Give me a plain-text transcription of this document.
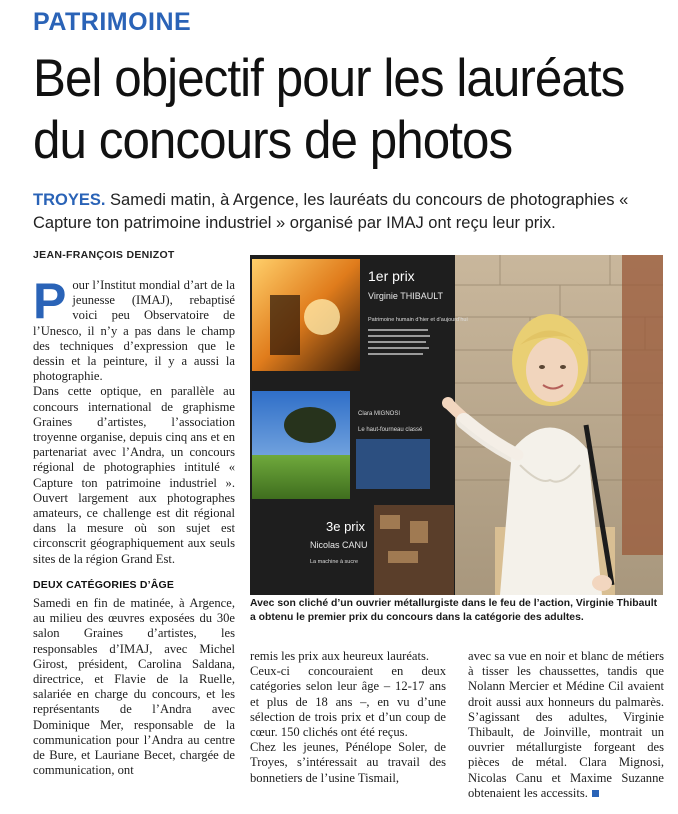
PATRIMOINE
Bel objectif pour les lauréats
du concours de photos
TROYES. Samedi matin, à Argence, les lauréats du concours de photographies « Capture ton patrimoine industriel » organisé par IMAJ ont reçu leur prix.
JEAN-FRANÇOIS DENIZOT
P our l’Institut mondial d’art de la jeunesse (IMAJ), rebaptisé voici peu Observatoire de l’Unesco, il n’y a pas dans le champ des techniques d’expression que le dessin et la peinture, il y a aussi la photographie.

Dans cette optique, en parallèle au concours international de graphisme Graines d’artistes, l’association troyenne organise, depuis cinq ans et en partenariat avec l’Andra, un concours régional de photographies intitulé « Capture ton patrimoine industriel ». Ouvert largement aux photographes amateurs, ce challenge est dit régional dans la mesure où son sujet est circonscrit géographiquement aux seuls sites de la région Grand Est.

DEUX CATÉGORIES D’ÂGE

Samedi en fin de matinée, à Argence, au milieu des œuvres exposées du 30e salon Graines d’artistes, les responsables d’IMAJ, avec Michel Girost, président, Carolina Saldana, directrice, et Flavie de la Ruelle, salariée en charge du concours, et les représentants de l’Andra avec Dominique Mer, responsable de la communication pour l’Andra au centre de Bure, et Lauriane Becet, chargée de communication, ont

1er prix
Virginie THIBAULT
Patrimoine humain d’hier et d’aujourd’hui
Clara MIGNOSI
Le haut-fourneau classé
3e prix
Nicolas CANU
La machine à sucre
Avec son cliché d’un ouvrier métallurgiste dans le feu de l’action, Virginie Thibault a obtenu le premier prix du concours dans la catégorie des adultes.

remis les prix aux heureux lauréats.

Ceux-ci concouraient en deux catégories selon leur âge – 12-17 ans et plus de 18 ans –, en vu d’une sélection de trois prix et d’un coup de cœur. 150 clichés ont été reçus.

Chez les jeunes, Pénélope Soler, de Troyes, s’intéressait au travail des bonnetiers de l’usine Tismail,

avec sa vue en noir et blanc de métiers à tisser les chaussettes, tandis que Nolann Mercier et Médine Cil avaient droit aussi aux honneurs du palmarès. S’agissant des adultes, Virginie Thibault, de Joinville, montrait un ouvrier métallurgiste forgeant des pièces de métal. Clara Mignosi, Nicolas Canu et Maxime Suzanne obtenaient les accessits.
